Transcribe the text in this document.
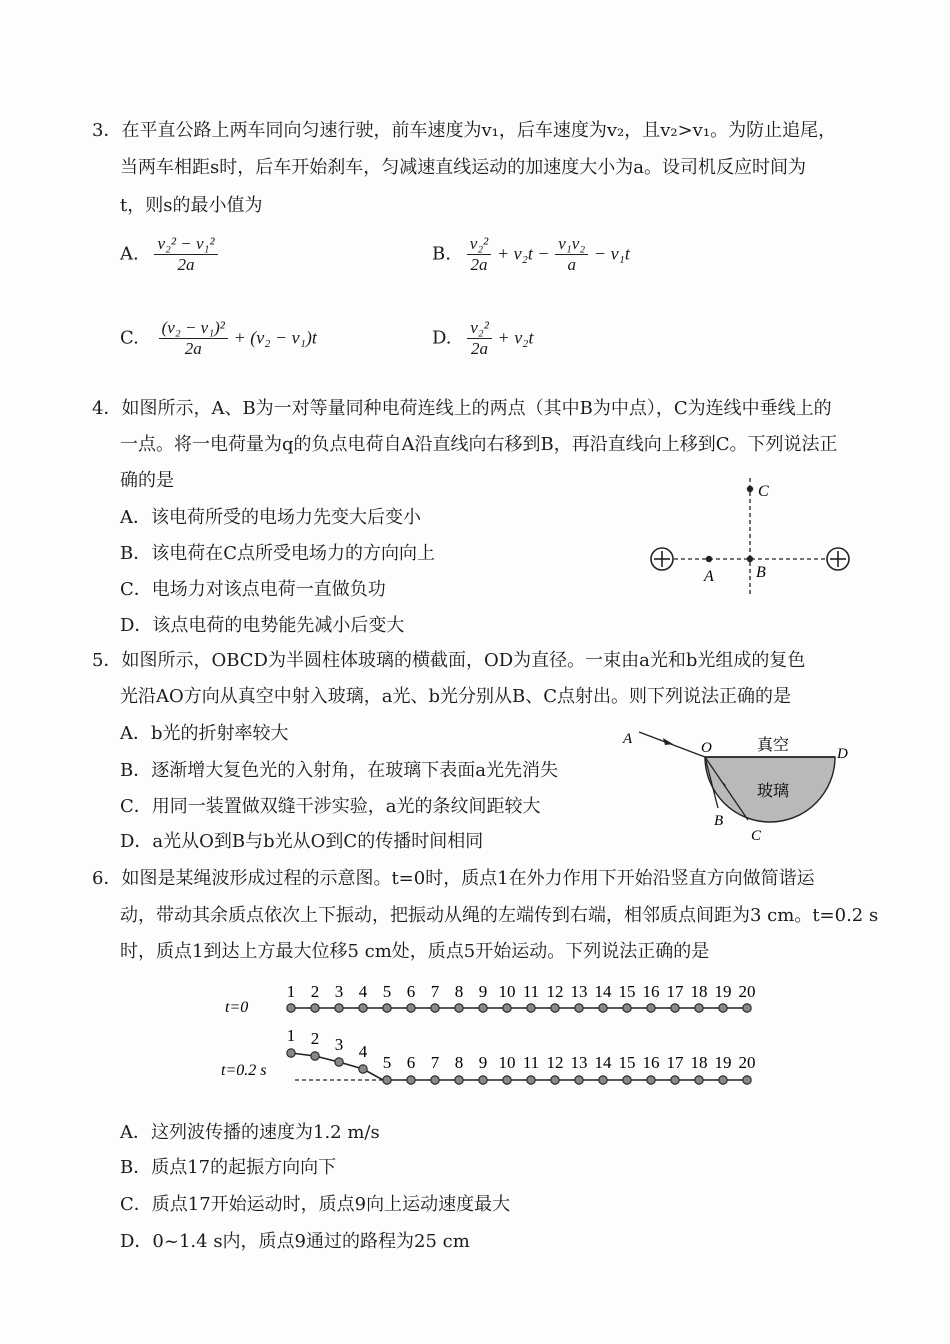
3．在平直公路上两车同向匀速行驶，前车速度为v₁，后车速度为v₂，且v₂>v₁。为防止追尾，
当两车相距s时，后车开始刹车，匀减速直线运动的加速度大小为a。设司机反应时间为
t，则s的最小值为
A. $\frac{\text{v₂² − v₁²}}{2a}$	B. $\frac{\text{v₂²}}{2a} + v_2t - \frac{\text{v₁v₂}}{a} - v_1t$
C. $\frac{\text{(v₂ − v₁)²}}{2a} + (v_2 - v_1)t$	D. $\frac{\text{v₂²}}{2a} + v_2t$
4．如图所示，A、B为一对等量同种电荷连线上的两点（其中B为中点），C为连线中垂线上的
一点。将一电荷量为q的负点电荷自A沿直线向右移到B，再沿直线向上移到C。下列说法正
确的是
A．该电荷所受的电场力先变大后变小
B．该电荷在C点所受电场力的方向向上
C．电场力对该点电荷一直做负功
D．该点电荷的电势能先减小后变大
A	B
C
5．如图所示，OBCD为半圆柱体玻璃的横截面，OD为直径。一束由a光和b光组成的复色
光沿AO方向从真空中射入玻璃，a光、b光分别从B、C点射出。则下列说法正确的是
A．b光的折射率较大
B．逐渐增大复色光的入射角，在玻璃下表面a光先消失
C．用同一装置做双缝干涉实验，a光的条纹间距较大
D．a光从O到B与b光从O到C的传播时间相同
A
O	D
B
C
真空
玻璃
6．如图是某绳波形成过程的示意图。t=0时，质点1在外力作用下开始沿竖直方向做简谐运
动，带动其余质点依次上下振动，把振动从绳的左端传到右端，相邻质点间距为3 cm。t=0.2 s
时，质点1到达上方最大位移5 cm处，质点5开始运动。下列说法正确的是
t=0
t=0.2 s
1
1
2
2
3
3
4
4
5
5
6
6
7
7
8
8
9
9
10
10
11
11
12
12
13
13
14
14
15
15
16
16
17
17
18
18
19
19
20
20
A．这列波传播的速度为1.2 m/s
B．质点17的起振方向向下
C．质点17开始运动时，质点9向上运动速度最大
D．0~1.4 s内，质点9通过的路程为25 cm
